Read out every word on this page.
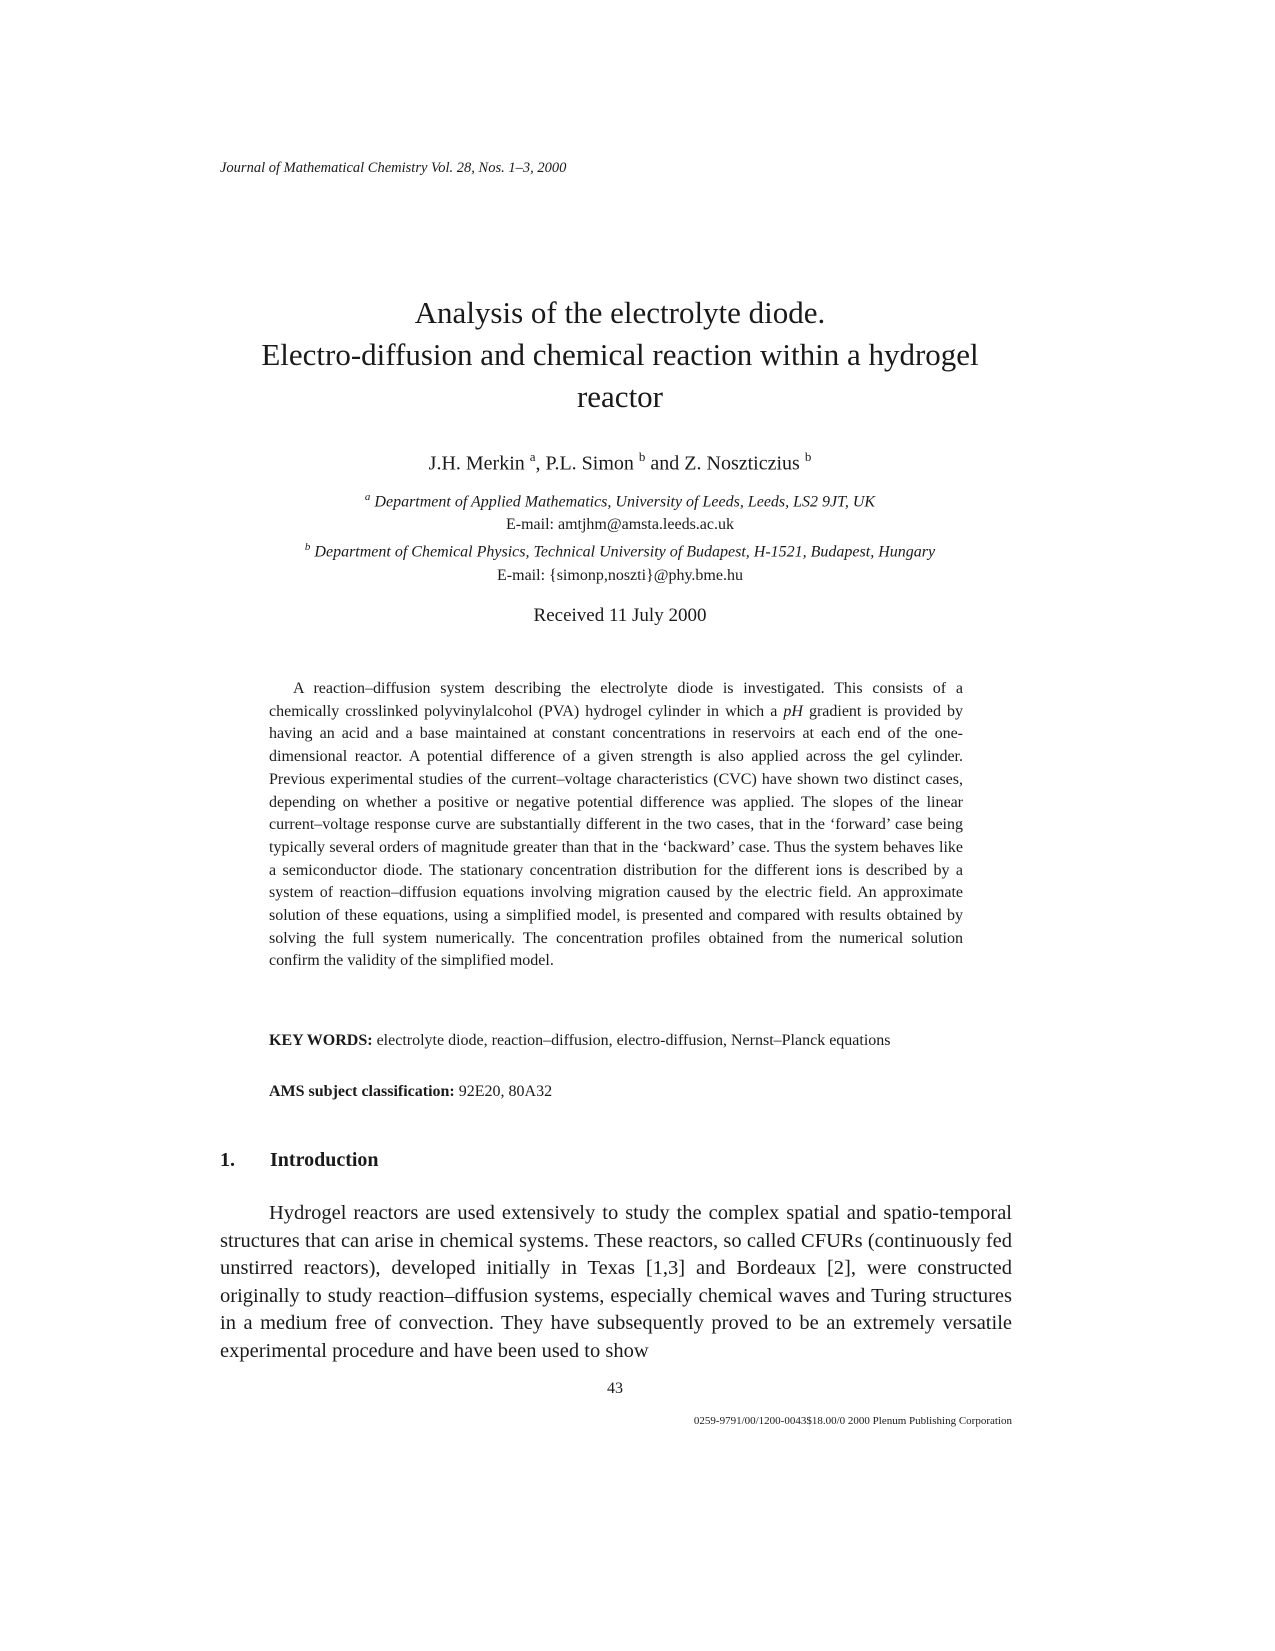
Journal of Mathematical Chemistry Vol. 28, Nos. 1–3, 2000
Analysis of the electrolyte diode.
Electro-diffusion and chemical reaction within a hydrogel
reactor
J.H. Merkin $^a$, P.L. Simon $^b$ and Z. Noszticzius $^b$
$^a$ Department of Applied Mathematics, University of Leeds, Leeds, LS2 9JT, UK
E-mail: amtjhm@amsta.leeds.ac.uk
$^b$ Department of Chemical Physics, Technical University of Budapest, H-1521, Budapest, Hungary
E-mail: {simonp,noszti}@phy.bme.hu
Received 11 July 2000
A reaction–diffusion system describing the electrolyte diode is investigated. This consists of a chemically crosslinked polyvinylalcohol (PVA) hydrogel cylinder in which a pH gradient is provided by having an acid and a base maintained at constant concentrations in reservoirs at each end of the one-dimensional reactor. A potential difference of a given strength is also applied across the gel cylinder. Previous experimental studies of the current–voltage characteristics (CVC) have shown two distinct cases, depending on whether a positive or negative potential difference was applied. The slopes of the linear current–voltage response curve are substantially different in the two cases, that in the ‘forward’ case being typically several orders of magnitude greater than that in the ‘backward’ case. Thus the system behaves like a semiconductor diode. The stationary concentration distribution for the different ions is described by a system of reaction–diffusion equations involving migration caused by the electric field. An approximate solution of these equations, using a simplified model, is presented and compared with results obtained by solving the full system numerically. The concentration profiles obtained from the numerical solution confirm the validity of the simplified model.
KEY WORDS: electrolyte diode, reaction–diffusion, electro-diffusion, Nernst–Planck equations
AMS subject classification: 92E20, 80A32
1. Introduction
Hydrogel reactors are used extensively to study the complex spatial and spatio-temporal structures that can arise in chemical systems. These reactors, so called CFURs (continuously fed unstirred reactors), developed initially in Texas [1,3] and Bordeaux [2], were constructed originally to study reaction–diffusion systems, especially chemical waves and Turing structures in a medium free of convection. They have subsequently proved to be an extremely versatile experimental procedure and have been used to show
43
0259-9791/00/1200-0043$18.00/0 2000 Plenum Publishing Corporation
